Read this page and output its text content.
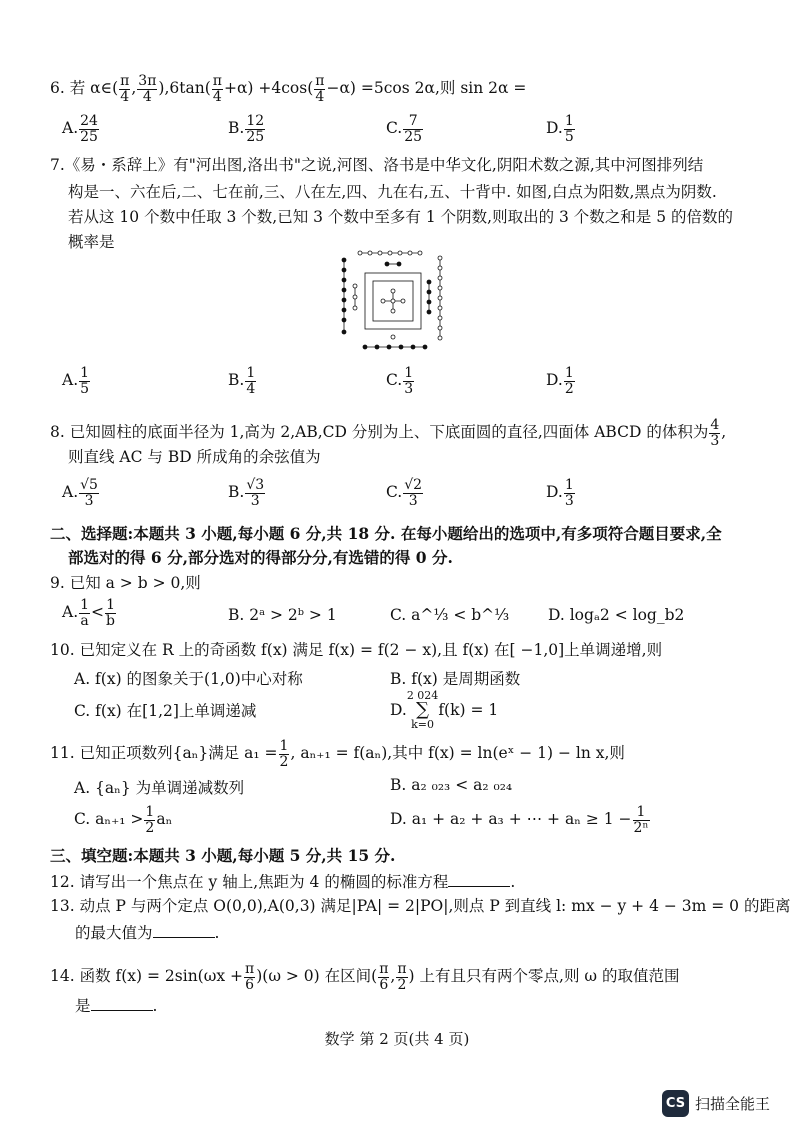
6. 若 α∈( $\frac{\pi}{4}$ , $\frac{3\pi}{4} ),6\tan( \frac{\pi}{4} +\alpha) +4\cos( \frac{\pi}{4} -\alpha) =5\cos$ 2α,则 sin 2α =
A. $\frac{24}{25}$	B. $\frac{12}{25}$	C. $\frac{7}{25}$	D. $\frac{1}{5}$
7.《易・系辞上》有"河出图,洛出书"之说,河图、洛书是中华文化,阴阳术数之源,其中河图排列结
构是一、六在后,二、七在前,三、八在左,四、九在右,五、十背中. 如图,白点为阳数,黑点为阴数.
若从这 10 个数中任取 3 个数,已知 3 个数中至多有 1 个阴数,则取出的 3 个数之和是 5 的倍数的
概率是
A. $\frac{1}{5}$	B. $\frac{1}{4}$	C. $\frac{1}{3}$	D. $\frac{1}{2}$
8. 已知圆柱的底面半径为 1,高为 2,AB,CD 分别为上、下底面圆的直径,四面体 ABCD 的体积为 $\frac{4}{3}$ ,
则直线 AC 与 BD 所成角的余弦值为
A. $\frac{√5}{3}$	B. $\frac{√3}{3}$	C. $\frac{√2}{3}$	D. $\frac{1}{3}$
二、选择题:本题共 3 小题,每小题 6 分,共 18 分. 在每小题给出的选项中,有多项符合题目要求,全
部选对的得 6 分,部分选对的得部分分,有选错的得 0 分.
9. 已知 a > b > 0,则
A. $\frac{1}{a} < \frac{1}{b}$	B. 2ᵃ > 2ᵇ > 1	C. a^⅓ < b^⅓	D. logₐ2 < log_b2
10. 已知定义在 R 上的奇函数 f(x) 满足 f(x) = f(2 − x),且 f(x) 在[ −1,0]上单调递增,则
A. f(x) 的图象关于(1,0)中心对称	B. f(x) 是周期函数
C. f(x) 在[1,2]上单调递减	D.2 024
∑
k=0f(k) = 1
11. 已知正项数列{aₙ}满足 $a_1 = \frac{1}{2}$ , aₙ₊₁ = f(aₙ),其中 f(x) = ln(eˣ − 1) − ln x,则
A. {aₙ} 为单调递减数列	B. a₂ ₀₂₃ < a₂ ₀₂₄
C. $a_{n+1} > \frac{1}{2}$ aₙ	D. a₁ + a₂ + a₃ + ⋯ + $a_n \ge 1 - \frac{1}{\text{2ⁿ}}$
三、填空题:本题共 3 小题,每小题 5 分,共 15 分.
12. 请写出一个焦点在 y 轴上,焦距为 4 的椭圆的标准方程	.
13. 动点 P 与两个定点 O(0,0),A(0,3) 满足|PA| = 2|PO|,则点 P 到直线 l: mx − y + 4 − 3m = 0 的距离
的最大值为	.
14. 函数 $f(x) = 2\sin(\omega x + \frac{\pi}{6} )(\omega > 0)$ 在区间( $\frac{\pi}{6}$ , $\frac{\pi}{2}$ ) 上有且只有两个零点,则 ω 的取值范围
是	.
数学 第 2 页(共 4 页)
CS 扫描全能王
